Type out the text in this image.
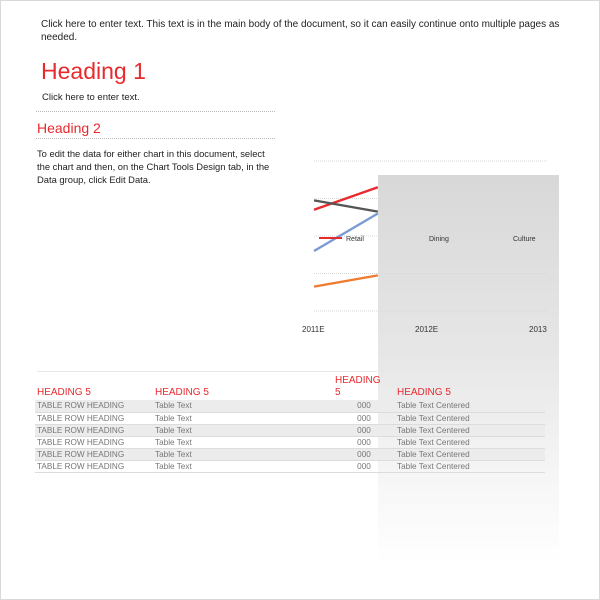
Click here to enter text. This text is in the main body of the document, so it can easily continue onto multiple pages as needed.
Heading 1
Click here to enter text.
Heading 2
To edit the data for either chart in this document, select the chart and then, on the Chart Tools Design tab, in the Data group, click Edit Data.
Retail	Dining	Culture
2011E	2012E	2013
HEADING 5	HEADING 5	HEADING 5	HEADING 5
TABLE ROW HEADING	Table Text	000	Table Text Centered
TABLE ROW HEADING	Table Text	000	Table Text Centered
TABLE ROW HEADING	Table Text	000	Table Text Centered
TABLE ROW HEADING	Table Text	000	Table Text Centered
TABLE ROW HEADING	Table Text	000	Table Text Centered
TABLE ROW HEADING	Table Text	000	Table Text Centered
